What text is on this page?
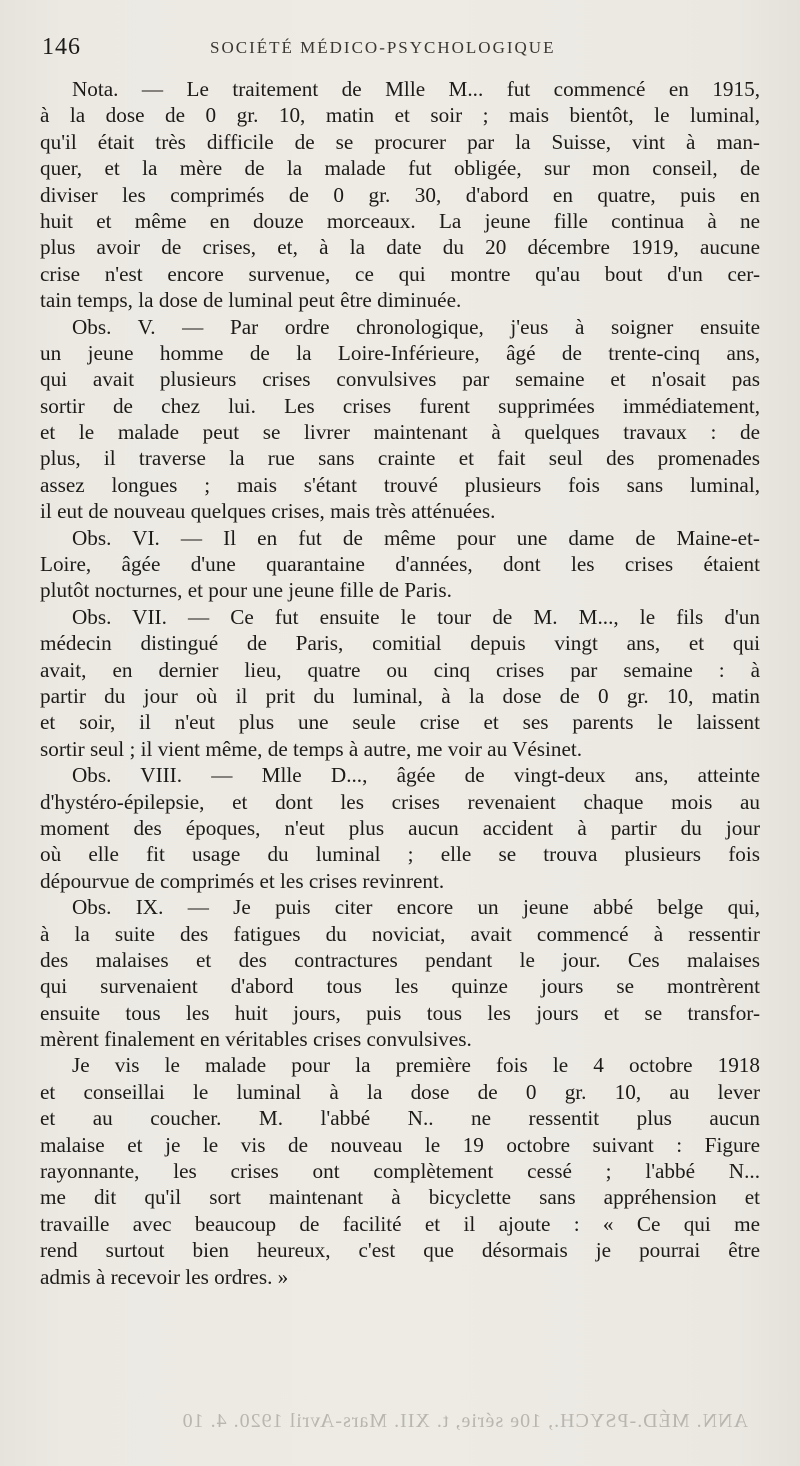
146	SOCIÉTÉ MÉDICO-PSYCHOLOGIQUE
Nota. — Le traitement de Mlle M... fut commencé en 1915,
à la dose de 0 gr. 10, matin et soir ; mais bientôt, le luminal,
qu'il était très difficile de se procurer par la Suisse, vint à man-
quer, et la mère de la malade fut obligée, sur mon conseil, de
diviser les comprimés de 0 gr. 30, d'abord en quatre, puis en
huit et même en douze morceaux. La jeune fille continua à ne
plus avoir de crises, et, à la date du 20 décembre 1919, aucune
crise n'est encore survenue, ce qui montre qu'au bout d'un cer-
tain temps, la dose de luminal peut être diminuée.
Obs. V. — Par ordre chronologique, j'eus à soigner ensuite
un jeune homme de la Loire-Inférieure, âgé de trente-cinq ans,
qui avait plusieurs crises convulsives par semaine et n'osait pas
sortir de chez lui. Les crises furent supprimées immédiatement,
et le malade peut se livrer maintenant à quelques travaux : de
plus, il traverse la rue sans crainte et fait seul des promenades
assez longues ; mais s'étant trouvé plusieurs fois sans luminal,
il eut de nouveau quelques crises, mais très atténuées.
Obs. VI. — Il en fut de même pour une dame de Maine-et-
Loire, âgée d'une quarantaine d'années, dont les crises étaient
plutôt nocturnes, et pour une jeune fille de Paris.
Obs. VII. — Ce fut ensuite le tour de M. M..., le fils d'un
médecin distingué de Paris, comitial depuis vingt ans, et qui
avait, en dernier lieu, quatre ou cinq crises par semaine : à
partir du jour où il prit du luminal, à la dose de 0 gr. 10, matin
et soir, il n'eut plus une seule crise et ses parents le laissent
sortir seul ; il vient même, de temps à autre, me voir au Vésinet.
Obs. VIII. — Mlle D..., âgée de vingt-deux ans, atteinte
d'hystéro-épilepsie, et dont les crises revenaient chaque mois au
moment des époques, n'eut plus aucun accident à partir du jour
où elle fit usage du luminal ; elle se trouva plusieurs fois
dépourvue de comprimés et les crises revinrent.
Obs. IX. — Je puis citer encore un jeune abbé belge qui,
à la suite des fatigues du noviciat, avait commencé à ressentir
des malaises et des contractures pendant le jour. Ces malaises
qui survenaient d'abord tous les quinze jours se montrèrent
ensuite tous les huit jours, puis tous les jours et se transfor-
mèrent finalement en véritables crises convulsives.
Je vis le malade pour la première fois le 4 octobre 1918
et conseillai le luminal à la dose de 0 gr. 10, au lever
et au coucher. M. l'abbé N.. ne ressentit plus aucun
malaise et je le vis de nouveau le 19 octobre suivant : Figure
rayonnante, les crises ont complètement cessé ; l'abbé N...
me dit qu'il sort maintenant à bicyclette sans appréhension et
travaille avec beaucoup de facilité et il ajoute : « Ce qui me
rend surtout bien heureux, c'est que désormais je pourrai être
admis à recevoir les ordres. »
ANN. MÉD.-PSYCH., 10e série, t. XII. Mars-Avril 1920. 4. 10
